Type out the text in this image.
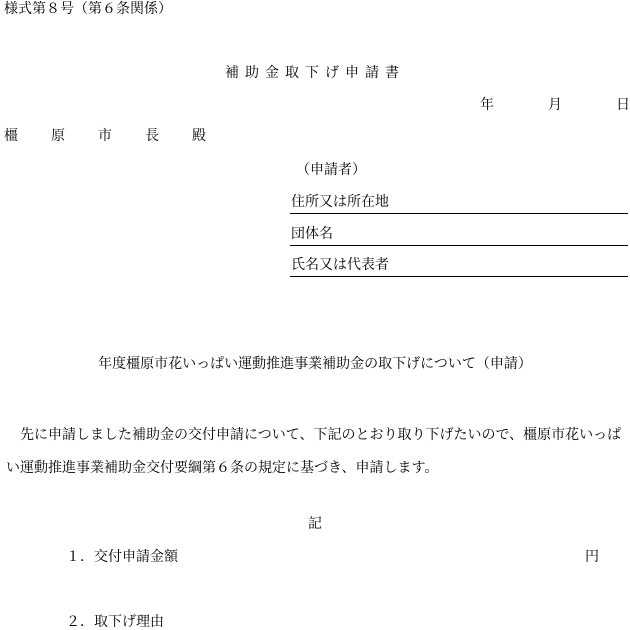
様式第８号（第６条関係）
補助金取下げ申請書
年	月	日
橿 原 市 長 殿
（申請者）
住所又は所在地
団体名
氏名又は代表者
年度橿原市花いっぱい運動推進事業補助金の取下げについて（申請）
　先に申請しました補助金の交付申請について、下記のとおり取り下げたいので、橿原市花いっぱい運動推進事業補助金交付要綱第６条の規定に基づき、申請します。
記
１．交付申請金額	円
２．取下げ理由
